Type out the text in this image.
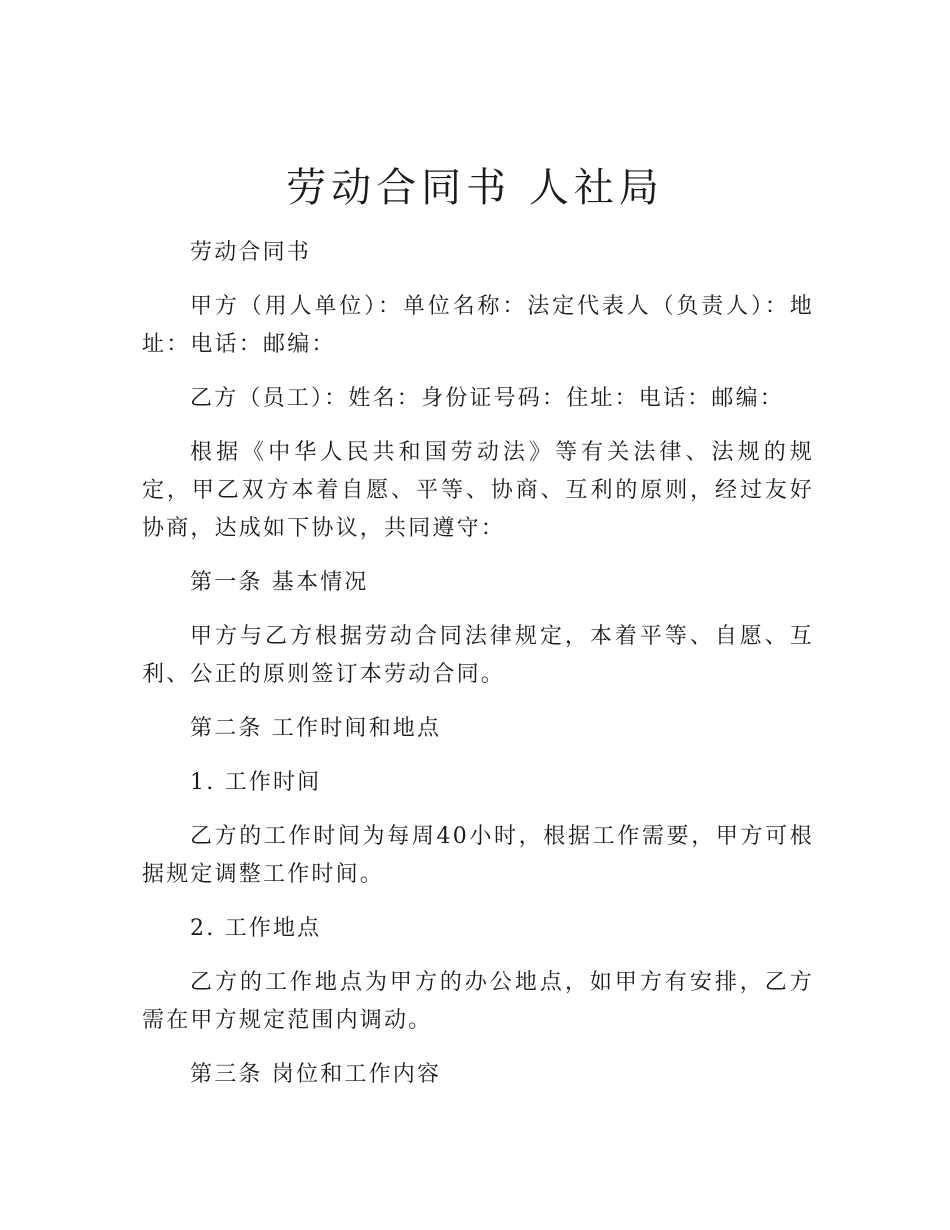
劳动合同书 人社局

劳动合同书

甲方（用人单位）：单位名称：法定代表人（负责人）：地址：电话：邮编：

乙方（员工）：姓名：身份证号码：住址：电话：邮编：

根据《中华人民共和国劳动法》等有关法律、法规的规定，甲乙双方本着自愿、平等、协商、互利的原则，经过友好协商，达成如下协议，共同遵守：

第一条 基本情况

甲方与乙方根据劳动合同法律规定，本着平等、自愿、互利、公正的原则签订本劳动合同。

第二条 工作时间和地点

1. 工作时间

乙方的工作时间为每周40小时，根据工作需要，甲方可根据规定调整工作时间。

2. 工作地点

乙方的工作地点为甲方的办公地点，如甲方有安排，乙方需在甲方规定范围内调动。

第三条 岗位和工作内容
